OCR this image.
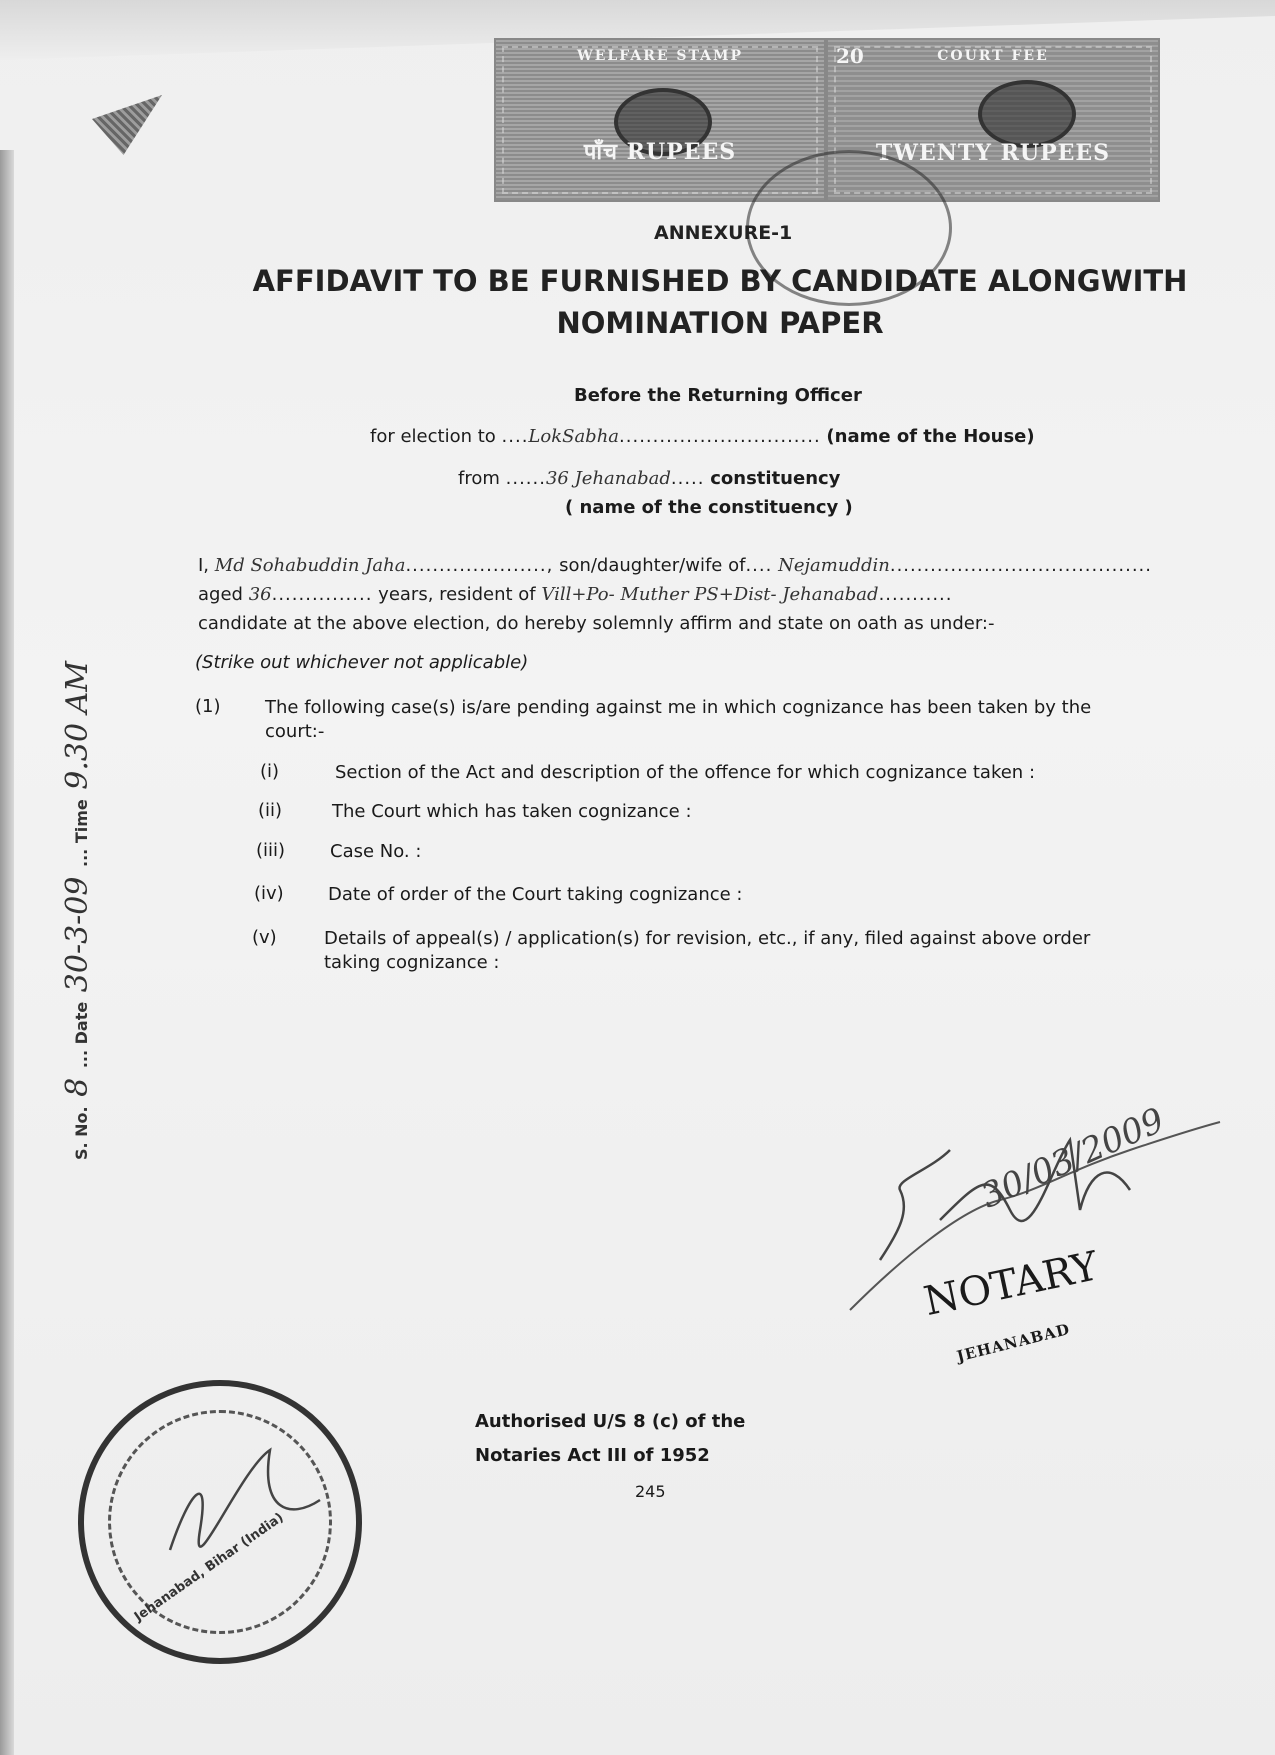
WELFARE STAMP
पाँच RUPEES
COURT FEE
20
TWENTY RUPEES
ANNEXURE-1
AFFIDAVIT TO BE FURNISHED BY CANDIDATE ALONGWITH
NOMINATION PAPER
Before the Returning Officer
for election to ....LokSabha.............................. (name of the House)
from ......36 Jehanabad..... constituency
( name of the constituency )
I, Md Sohabuddin Jaha....................., son/daughter/wife of.... Nejamuddin.......................................
aged 36............... years, resident of Vill+Po- Muther PS+Dist- Jehanabad...........
candidate at the above election, do hereby solemnly affirm and state on oath as under:-
(Strike out whichever not applicable)
(1) The following case(s) is/are pending against me in which cognizance has been taken by the
court:-
(i)	Section of the Act and description of the offence for which cognizance taken :
(ii)	The Court which has taken cognizance :
(iii) Case No. :
(iv) Date of order of the Court taking cognizance :
(v)	Details of appeal(s) / application(s) for revision, etc., if any, filed against above order
taking cognizance :
S. No. 8 ... Date 30-3-09 ... Time 9.30 AM
30/03/2009
NOTARY
JEHANABAD
Jehanabad, Bihar (India)
Authorised U/S 8 (c) of the
Notaries Act III of 1952
245
